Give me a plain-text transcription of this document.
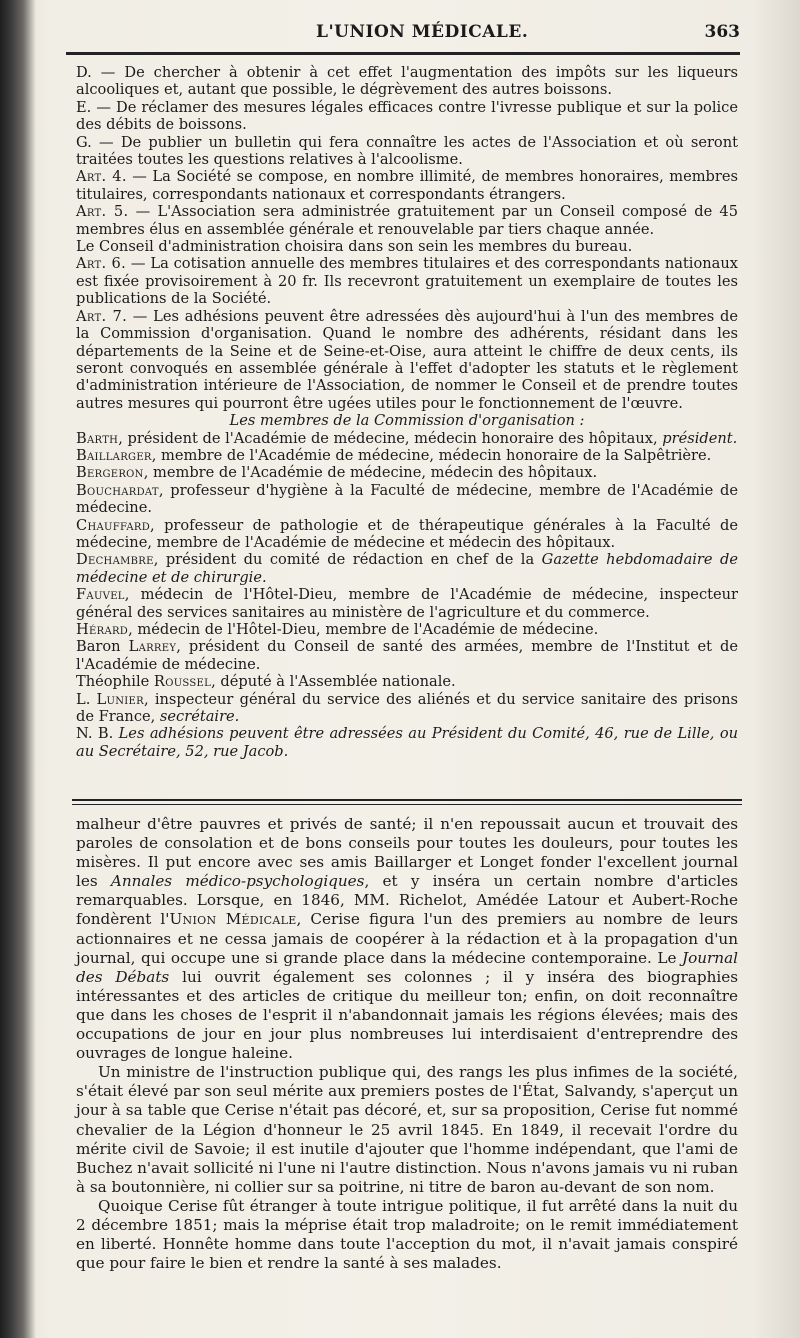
L'UNION MÉDICALE.	363

D. — De chercher à obtenir à cet effet l'augmentation des impôts sur les liqueurs alcooliques et, autant que possible, le dégrèvement des autres boissons.

E. — De réclamer des mesures légales efficaces contre l'ivresse publique et sur la police des débits de boissons.

G. — De publier un bulletin qui fera connaître les actes de l'Association et où seront traitées toutes les questions relatives à l'alcoolisme.

Art. 4. — La Société se compose, en nombre illimité, de membres honoraires, membres titulaires, correspondants nationaux et correspondants étrangers.

Art. 5. — L'Association sera administrée gratuitement par un Conseil composé de 45 membres élus en assemblée générale et renouvelable par tiers chaque année.

Le Conseil d'administration choisira dans son sein les membres du bureau.

Art. 6. — La cotisation annuelle des membres titulaires et des correspondants nationaux est fixée provisoirement à 20 fr. Ils recevront gratuitement un exemplaire de toutes les publications de la Société.

Art. 7. — Les adhésions peuvent être adressées dès aujourd'hui à l'un des membres de la Commission d'organisation. Quand le nombre des adhérents, résidant dans les départements de la Seine et de Seine-et-Oise, aura atteint le chiffre de deux cents, ils seront convoqués en assemblée générale à l'effet d'adopter les statuts et le règlement d'administration intérieure de l'Association, de nommer le Conseil et de prendre toutes autres mesures qui pourront être ugées utiles pour le fonctionnement de l'œuvre.

Les membres de la Commission d'organisation :

Barth, président de l'Académie de médecine, médecin honoraire des hôpitaux, président.

Baillarger, membre de l'Académie de médecine, médecin honoraire de la Salpêtrière.

Bergeron, membre de l'Académie de médecine, médecin des hôpitaux.

Bouchardat, professeur d'hygiène à la Faculté de médecine, membre de l'Académie de médecine.

Chauffard, professeur de pathologie et de thérapeutique générales à la Faculté de médecine, membre de l'Académie de médecine et médecin des hôpitaux.

Dechambre, président du comité de rédaction en chef de la Gazette hebdomadaire de médecine et de chirurgie.

Fauvel, médecin de l'Hôtel-Dieu, membre de l'Académie de médecine, inspecteur général des services sanitaires au ministère de l'agriculture et du commerce.

Hérard, médecin de l'Hôtel-Dieu, membre de l'Académie de médecine.

Baron Larrey, président du Conseil de santé des armées, membre de l'Institut et de l'Académie de médecine.

Théophile Roussel, député à l'Assemblée nationale.

L. Lunier, inspecteur général du service des aliénés et du service sanitaire des prisons de France, secrétaire.

N. B. Les adhésions peuvent être adressées au Président du Comité, 46, rue de Lille, ou au Secrétaire, 52, rue Jacob.

malheur d'être pauvres et privés de santé; il n'en repoussait aucun et trouvait des paroles de consolation et de bons conseils pour toutes les douleurs, pour toutes les misères. Il put encore avec ses amis Baillarger et Longet fonder l'excellent journal les Annales médico-psychologiques, et y inséra un certain nombre d'articles remarquables. Lorsque, en 1846, MM. Richelot, Amédée Latour et Aubert-Roche fondèrent l'Union Médicale, Cerise figura l'un des premiers au nombre de leurs actionnaires et ne cessa jamais de coopérer à la rédaction et à la propagation d'un journal, qui occupe une si grande place dans la médecine contemporaine. Le Journal des Débats lui ouvrit également ses colonnes ; il y inséra des biographies intéressantes et des articles de critique du meilleur ton; enfin, on doit reconnaître que dans les choses de l'esprit il n'abandonnait jamais les régions élevées; mais des occupations de jour en jour plus nombreuses lui interdisaient d'entreprendre des ouvrages de longue haleine.

Un ministre de l'instruction publique qui, des rangs les plus infimes de la société, s'était élevé par son seul mérite aux premiers postes de l'État, Salvandy, s'aperçut un jour à sa table que Cerise n'était pas décoré, et, sur sa proposition, Cerise fut nommé chevalier de la Légion d'honneur le 25 avril 1845. En 1849, il recevait l'ordre du mérite civil de Savoie; il est inutile d'ajouter que l'homme indépendant, que l'ami de Buchez n'avait sollicité ni l'une ni l'autre distinction. Nous n'avons jamais vu ni ruban à sa boutonnière, ni collier sur sa poitrine, ni titre de baron au-devant de son nom.

Quoique Cerise fût étranger à toute intrigue politique, il fut arrêté dans la nuit du 2 décembre 1851; mais la méprise était trop maladroite; on le remit immédiatement en liberté. Honnête homme dans toute l'acception du mot, il n'avait jamais conspiré que pour faire le bien et rendre la santé à ses malades.
